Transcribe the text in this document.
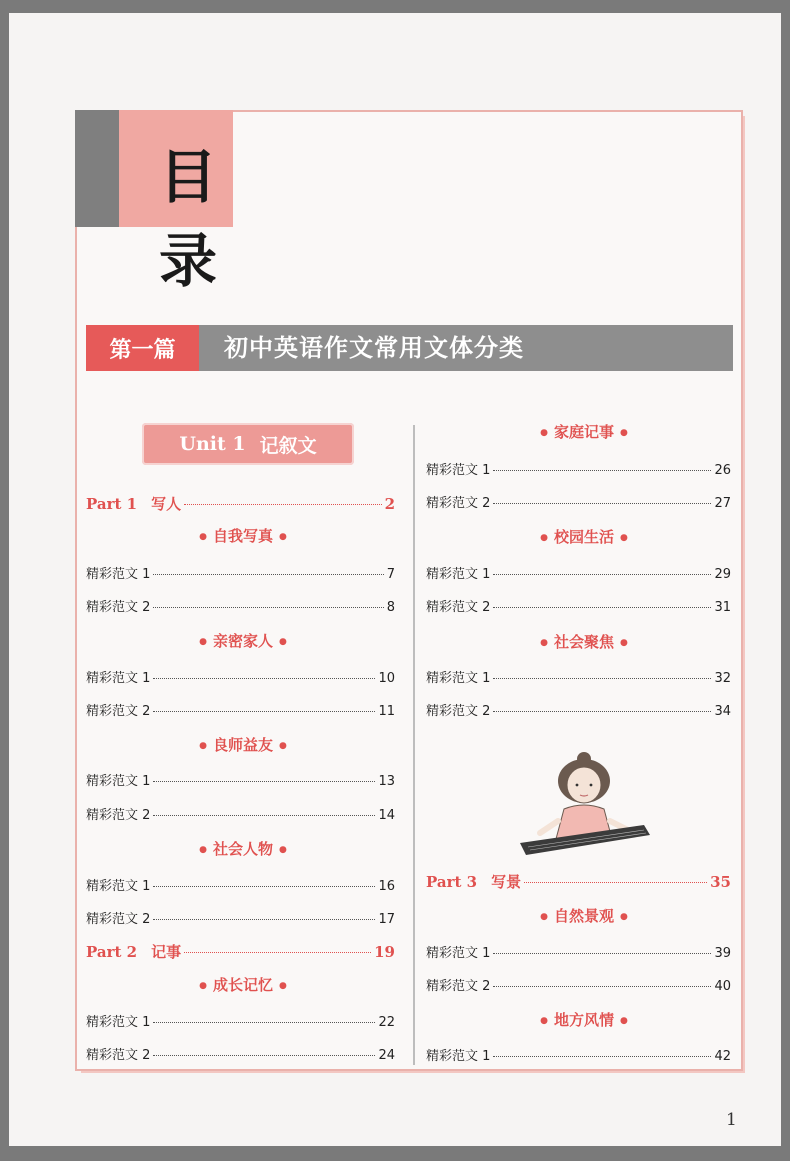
目录
第一篇	初中英语作文常用文体分类
Unit 1 记叙文
Part 1 写人	2
● 自我写真 ●
精彩范文 1	7
精彩范文 2	8
● 亲密家人 ●
精彩范文 1	10
精彩范文 2	11
● 良师益友 ●
精彩范文 1	13
精彩范文 2	14
● 社会人物 ●
精彩范文 1	16
精彩范文 2	17
Part 2 记事	19
● 成长记忆 ●
精彩范文 1	22
精彩范文 2	24
● 家庭记事 ●
精彩范文 1	26
精彩范文 2	27
● 校园生活 ●
精彩范文 1	29
精彩范文 2	31
● 社会聚焦 ●
精彩范文 1	32
精彩范文 2	34
Part 3 写景	35
● 自然景观 ●
精彩范文 1	39
精彩范文 2	40
● 地方风情 ●
精彩范文 1	42
1
